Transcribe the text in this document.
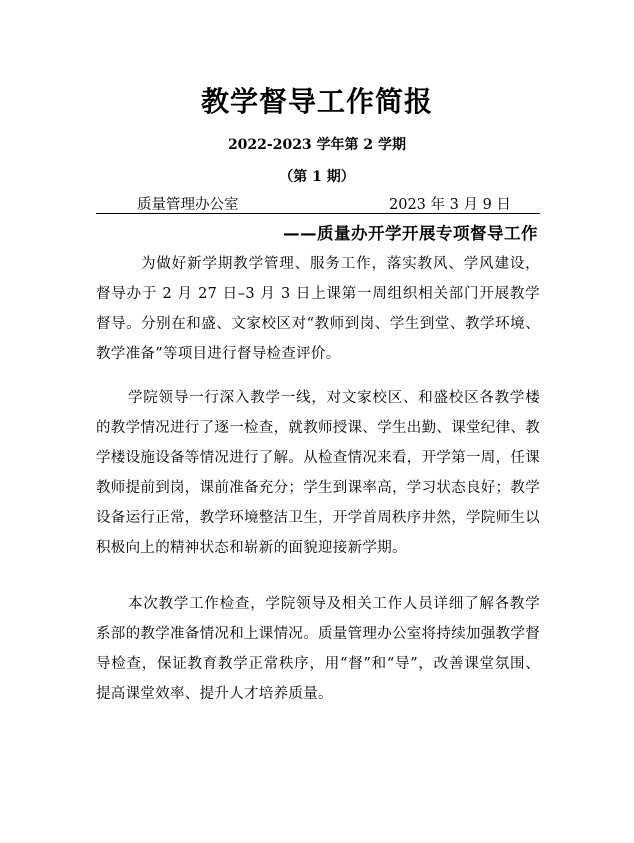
教学督导工作简报
2022-2023 学年第 2 学期
（第 1 期）
质量管理办公室	2023 年 3 月 9 日
——质量办开学开展专项督导工作

为做好新学期教学管理、服务工作，落实教风、学风建设，督导办于 2 月 27 日–3 月 3 日上课第一周组织相关部门开展教学督导。分别在和盛、文家校区对“教师到岗、学生到堂、教学环境、教学准备”等项目进行督导检查评价。

学院领导一行深入教学一线，对文家校区、和盛校区各教学楼的教学情况进行了逐一检查，就教师授课、学生出勤、课堂纪律、教学楼设施设备等情况进行了解。从检查情况来看，开学第一周，任课教师提前到岗，课前准备充分；学生到课率高，学习状态良好；教学设备运行正常，教学环境整洁卫生，开学首周秩序井然，学院师生以积极向上的精神状态和崭新的面貌迎接新学期。

本次教学工作检查，学院领导及相关工作人员详细了解各教学系部的教学准备情况和上课情况。质量管理办公室将持续加强教学督导检查，保证教育教学正常秩序，用“督”和“导”，改善课堂氛围、提高课堂效率、提升人才培养质量。
